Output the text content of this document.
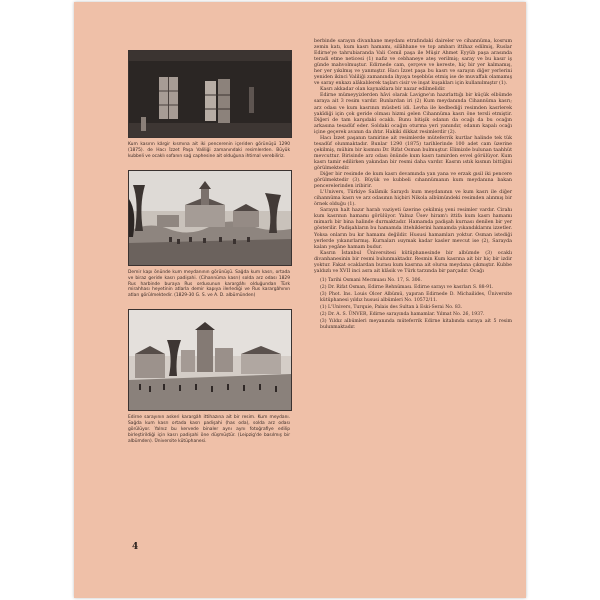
Kum kasırın kârgir kısmına ait iki pencerenin içeriden görünüşü 1290 (1875). de Hacı İzzet Paşa Valiliği zamanındaki resimlerden. Büyük kubbeli ve ocaklı sofanın sağ caphesine ait olduğuna ihtimal verebiliriz.
Demir kapı önünde kum meydanının görünüşü. Sağda kum kasrı, ortada ve biraz geride kasrı padişahi. (Cihannüma kasrı) solda arz odası 1829 Rus harbinde buraya Rus ordusunun karargâhı olduğundan Türk mirahhası heyetinin atlarla demir kapıya ilerlediği ve Rus karargâhının atları görülmektedir. (1829-30 G. S. ve A. D. albümünden)
Edirne sarayının askeri karargâh ittihazına ait bir resim. Kum meydanı. Sağda kum kasrı ortada kasrı padişahi (has oda), solda arz odası görülüyor. Yalnız bu kervede binaler aynı aynı fotoğrafiye edilip birleştirildiği için kasrı padişahi öne düşmüştür. (Leipzig'de basılmış bir albümden). Üniversite kütüphanesi.

berbinde sarayın divanhane meydanı etrafındaki daireler ve cihannüma, kosrum zemin katı, kum kasrı hamamı, silâhhane ve top ambarı ittihaz edilmiş, Ruslar Edirne'ye tahrubiaranda Vali Cemil paşa ile Müşir Ahmet Eyyüb paşa arasında teradi etme neticesi (1) nafiz ve cebhaneye ateş verilmiş; saray ve bu kasır iş günde mahvolmuştur. Edirnede cam, çerçeve ve kereste, hiç bir yer kalmamış, her yer yıkılmış ve yanmıştır. Hacı İzzet paşa bu kasrı ve sarayın diğer yerlerini yeniden ikinci Valiliği zamanında ihyaya teşebbüs etmiş ise de muvaffak olamamış ve saray enkazı alâkalılerek taşları cisir ve inşat kuşakları için kullanılmıştır (1).

Kasrı akkadar olan kaynaklara bir nazar edilmelidir.

Edirne mümeyyizlerden hâvi olarak Lavigne'ın hazırlattığı bir küçük elbümde saraya ait 3 resim vardır. Bunlardan iri (2) Kum meydanında Cihannüma kasrı; arz odası ve kum kasrının müsbeti idi. Levha ile kedbediği resimden kasrlerek yakîdiği için çok geride olması hizmi gelen Cihannüma kasrı öne tersli etmiştir. Diğeri de tam karşıdaki ocaklı. Bunu bitişik odanın da ocağı da bu ocağın arkasına tesadüf eder. Soldaki ocağın oturma yeri yanındır, odanın kapalı ocağı içine geçerek avanın da ıhtır. Hakiki dikkat resimlerdir (2).

Hacı İzzet paşanın tamirine ait resimlerde müteferrik kurtlar halinde tek tük tesadüf olunmaktadır. Bunlar 1290 (1875) tarihlerinde 100 adet cam üzerine çekilmiş, mühim bir kısmını Dr. Rifat Osman bulmuştur. Elimizde bulunan taahhüt mevcuttur. Birisinde arz odası önünde kum kasrı tamirden evvel görülüyor. Kum kasrı tamir edilirken yakından bir resmi daha vardır. Kasrın ıstık kısmın bittiğini görülmektedir.

Diğer bir resimde de kum kasrı devamında yan yana ve erzak gısil iki pencere görülmektedir (3). Büyük ve kubbeli cıhannümanın kum meydanına bakan pencerelerinden iribirir.

L'Univers, Türkiye Salâmik Saraydı kum meydanının ve kum kasrı ile diğer cihannüma kasrı ve arz odasının hiçbiri Nikola albümündeki resimden alınmış bir örnek olduğu (1).

Sarayın halt hazır harab vaziyeti üzerine çekilmiş yeni resimler vardır. Cirahı kum kasrının hamamı görülüyor. Yalnız Üsev hiram'ı ittifa kum kasrı hamamı mimarlı bir bina halinde durmaktadır. Hamamda padişah kurnası denilen bir yer gösterilir. Padişahların bu hamamda ittehiklerini hamamda yıkandıklarını izzetler. Yoksa onların bu kır hamamı değildir. Hususi hamamları yoktur. Osman istediği yerlerde yıkanırlarmış. Kurnaları ısıymak kadar kasler mevcut ise (2), Sarayda kalan yegâne hamam budur.

Kasrın İstanbul Üniversitesi kütüphanesinde bir albümde (3) ocaklı divanhanesinin bir resmi bulunmaktadır. Resmin Kum kasrına ait bir hiç bir izdir yoktur. Fakat ocaklardan burası kum kasrına ait olursa meydana çıkmıştır. Kubbe yaldızlı ve XVII inci asra ait klâsik ve Türk tarzında bir parçadır. Ocağı

(1) Tarihi Osmani Mecmuası No. 17, S. 306.

(2) Dr. Rifat Osman, Edirne Rehnüması. Edirne sarayı ve kasrları S. 88-91.

(3) Phot. Ins. Louis Olcer Albümü, yapıran Edirnede D. Michailides, Üniversite kütüphanesi yıldız hususi albümleri No. 10572/11.

(1) L'Univers, Turquie, Palais des Sultan à Eski-Serai No. 83.

(2) Dr. A. S. ÜNVER, Edirne sarayında hamamlar. Yılmat No. 26, 1937.

(3) Yıldız albümleri meyanında müteferrik Edirne kitabında saraya ait 5 resim bulunmaktadır.

4
